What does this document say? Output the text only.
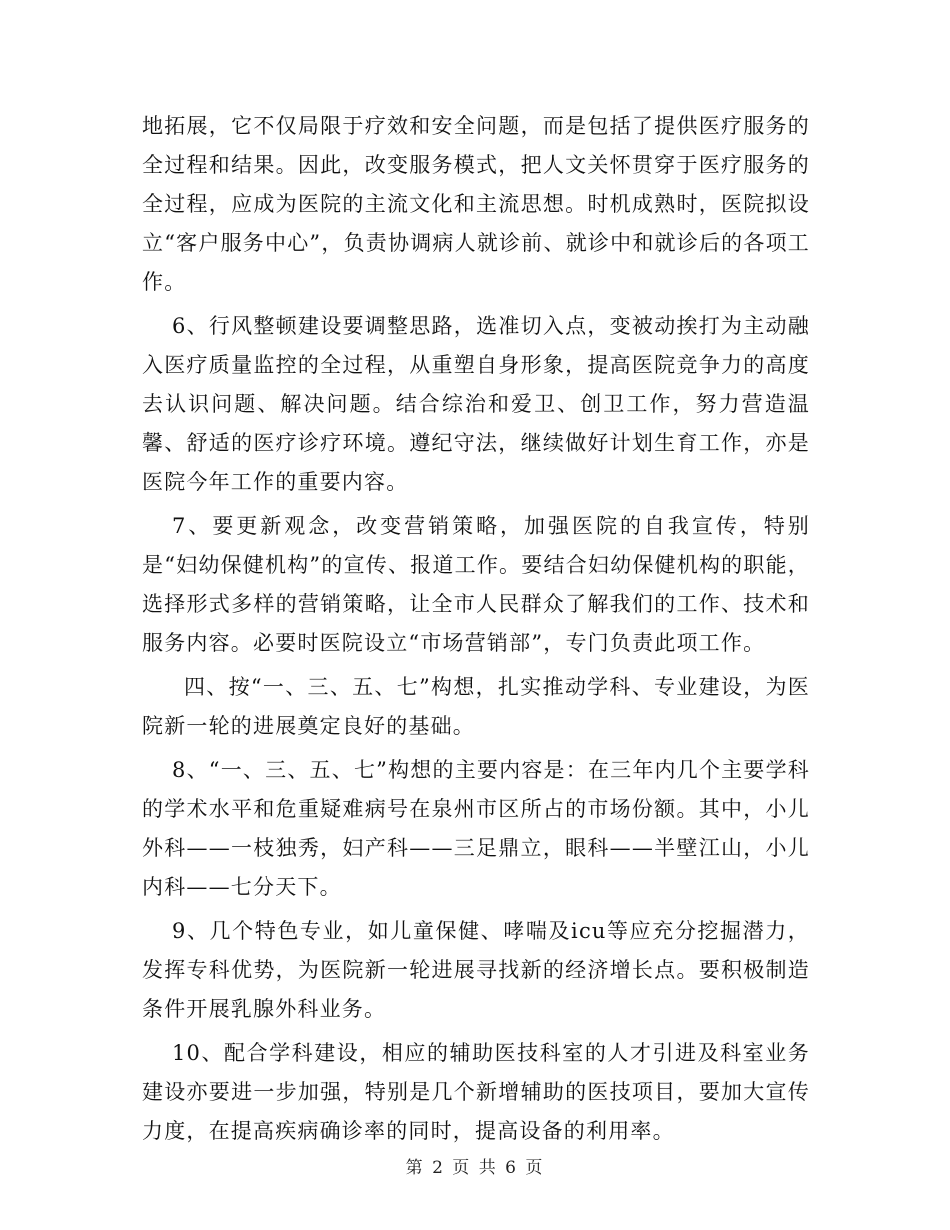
地拓展，它不仅局限于疗效和安全问题，而是包括了提供医疗服务的全过程和结果。因此，改变服务模式，把人文关怀贯穿于医疗服务的全过程，应成为医院的主流文化和主流思想。时机成熟时，医院拟设立“客户服务中心”，负责协调病人就诊前、就诊中和就诊后的各项工作。

6、行风整顿建设要调整思路，选准切入点，变被动挨打为主动融入医疗质量监控的全过程，从重塑自身形象，提高医院竞争力的高度去认识问题、解决问题。结合综治和爱卫、创卫工作，努力营造温馨、舒适的医疗诊疗环境。遵纪守法，继续做好计划生育工作，亦是医院今年工作的重要内容。

7、要更新观念，改变营销策略，加强医院的自我宣传，特别是“妇幼保健机构”的宣传、报道工作。要结合妇幼保健机构的职能，选择形式多样的营销策略，让全市人民群众了解我们的工作、技术和服务内容。必要时医院设立“市场营销部”，专门负责此项工作。

四、按“一、三、五、七”构想，扎实推动学科、专业建设，为医院新一轮的进展奠定良好的基础。

8、“一、三、五、七”构想的主要内容是：在三年内几个主要学科的学术水平和危重疑难病号在泉州市区所占的市场份额。其中，小儿外科——一枝独秀，妇产科——三足鼎立，眼科——半壁江山，小儿内科——七分天下。

9、几个特色专业，如儿童保健、哮喘及icu等应充分挖掘潜力，发挥专科优势，为医院新一轮进展寻找新的经济增长点。要积极制造条件开展乳腺外科业务。

10、配合学科建设，相应的辅助医技科室的人才引进及科室业务建设亦要进一步加强，特别是几个新增辅助的医技项目，要加大宣传力度，在提高疾病确诊率的同时，提高设备的利用率。

第 2 页 共 6 页
